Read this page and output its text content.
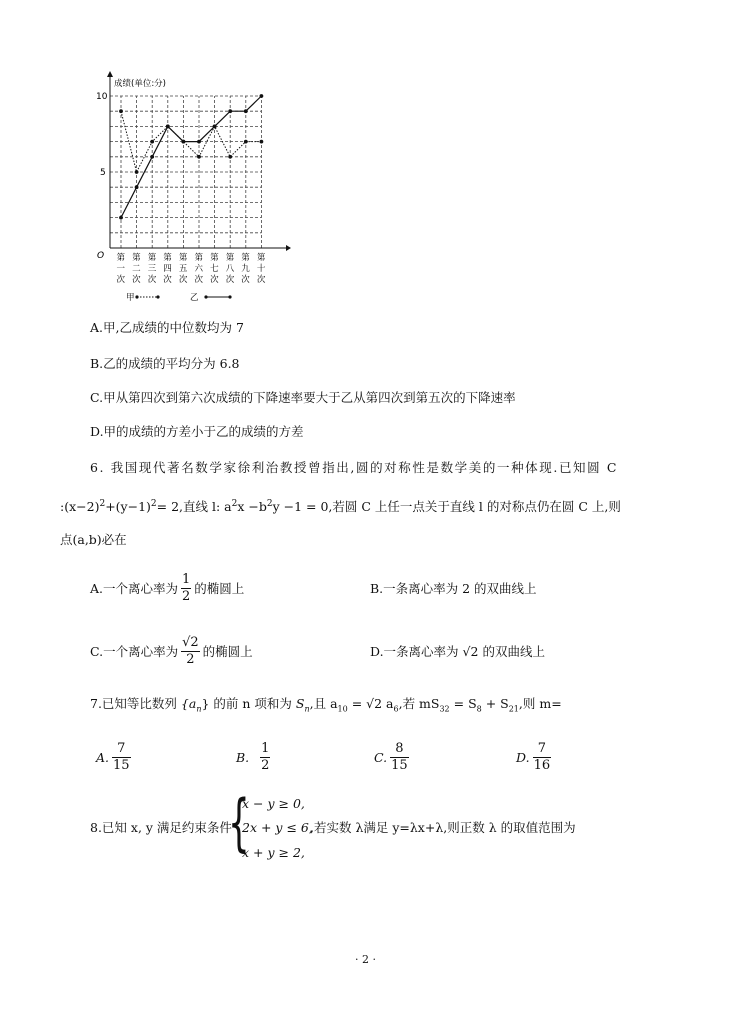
成绩(单位:分)
10
5
O 第
一
次
第
二
次
第
三
次
第
四
次
第
五
次
第
六
次
第
七
次
第
八
次
第
九
次
第
十
次
甲	乙
A.甲,乙成绩的中位数均为 7
B.乙的成绩的平均分为 6.8
C.甲从第四次到第六次成绩的下降速率要大于乙从第四次到第五次的下降速率
D.甲的成绩的方差小于乙的成绩的方差
6. 我国现代著名数学家徐利治教授曾指出,圆的对称性是数学美的一种体现.已知圆 C
$:(x-2)^2+(y-1)^2= 2$,直线 l: $a^2x -b^2y -1 = 0$,若圆 C 上任一点关于直线 l 的对称点仍在圆 C 上,则
点(a,b)必在
A.一个离心率为 $\frac{1}{2}$ 的椭圆上	B.一条离心率为 2 的双曲线上
C.一个离心率为 $\frac{√2}{2}$ 的椭圆上	D.一条离心率为
√2
的双曲线上
7.已知等比数列 $\{a_n\}$ 的前 n 项和为 $S_n$,且 $a_{10} = √2$ $a_6$,若 $mS_{32} = S_8 + S_{21}$,则 m=
A. $\frac{7}{15}$	B.
$\frac{1}{2}$	C. $\frac{8}{15}$	D. $\frac{7}{16}$
8.已知 x, y 满足约束条件
{
x − y ≥ 0,
2x + y ≤ 6,
x + y ≥ 2,
,若实数 λ满足 y=λx+λ,则正数 λ 的取值范围为
· 2 ·
